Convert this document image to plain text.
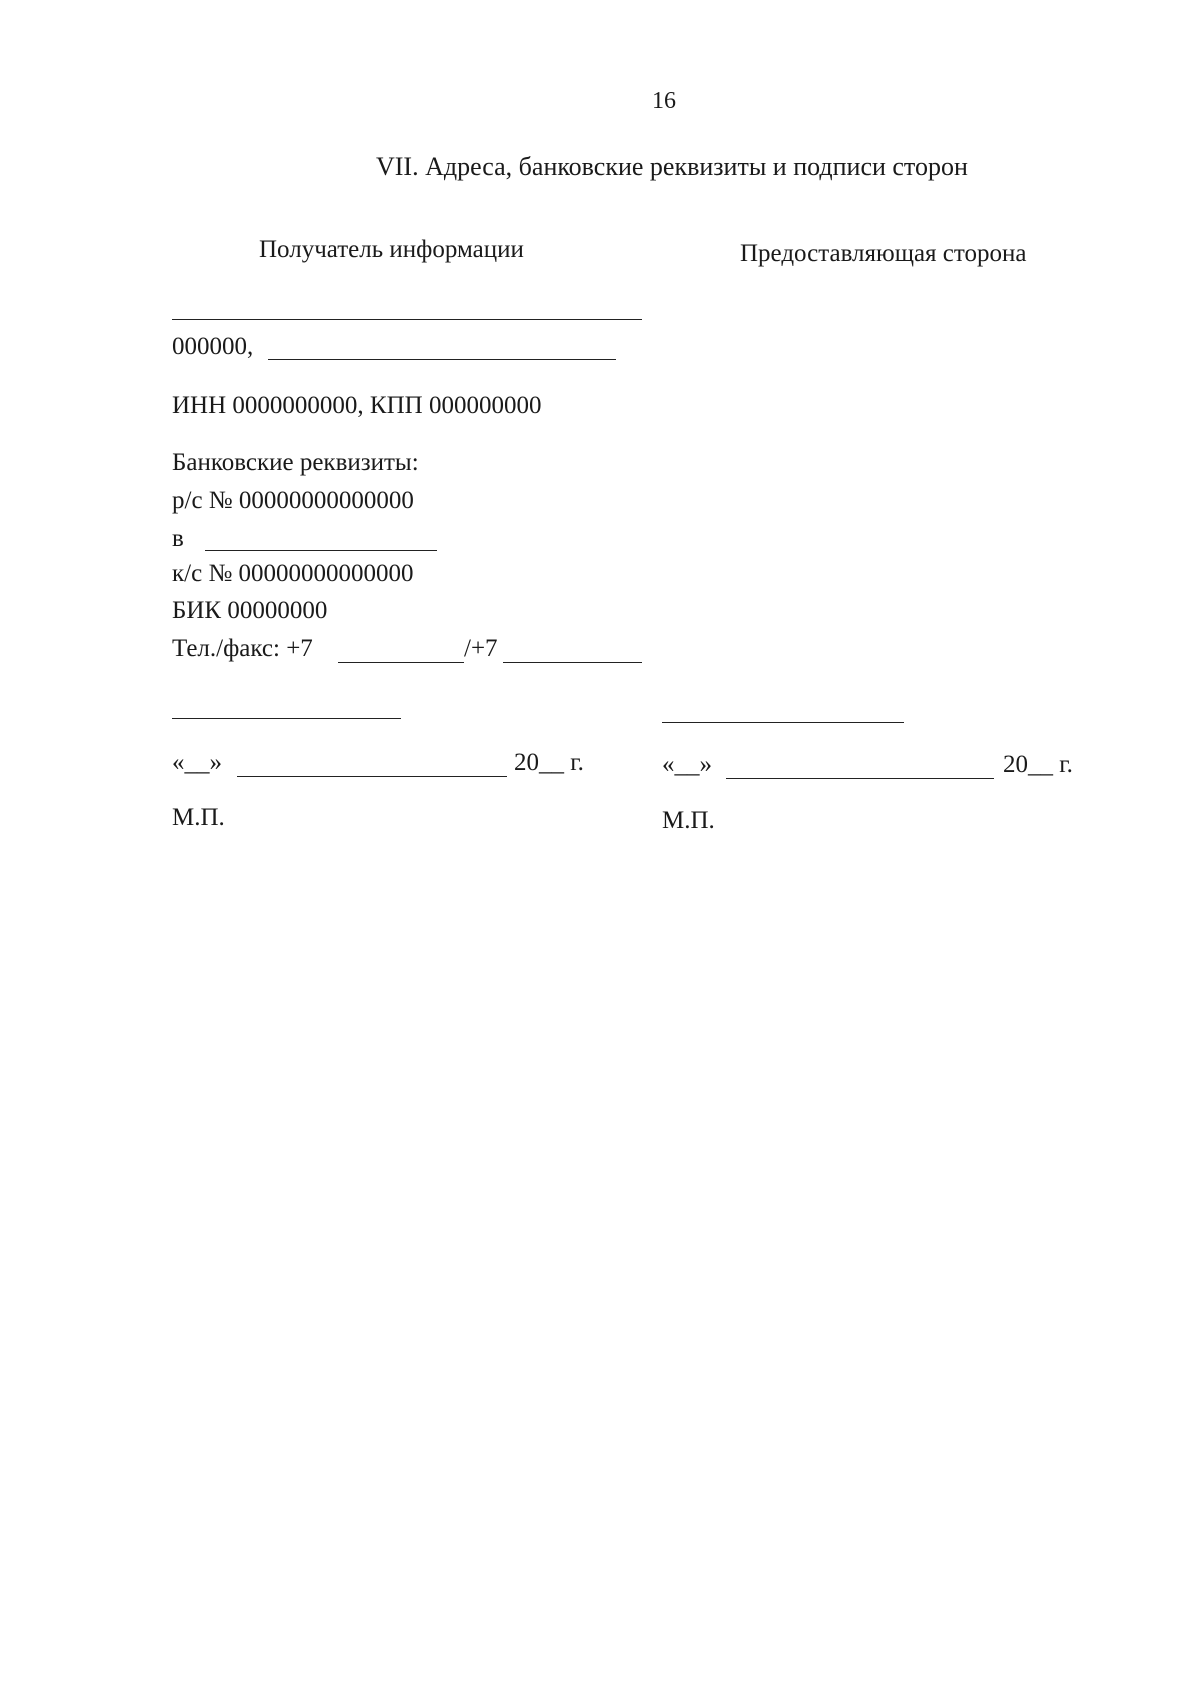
16
VII. Адреса, банковские реквизиты и подписи сторон
Получатель информации
000000,
ИНН 0000000000, КПП 000000000
Банковские реквизиты:
р/с № 00000000000000
в
к/с № 00000000000000
БИК 00000000
Тел./факс: +7	/+7
«__»	20__ г.
М.П.
Предоставляющая сторона
«__»	20__ г.
М.П.
